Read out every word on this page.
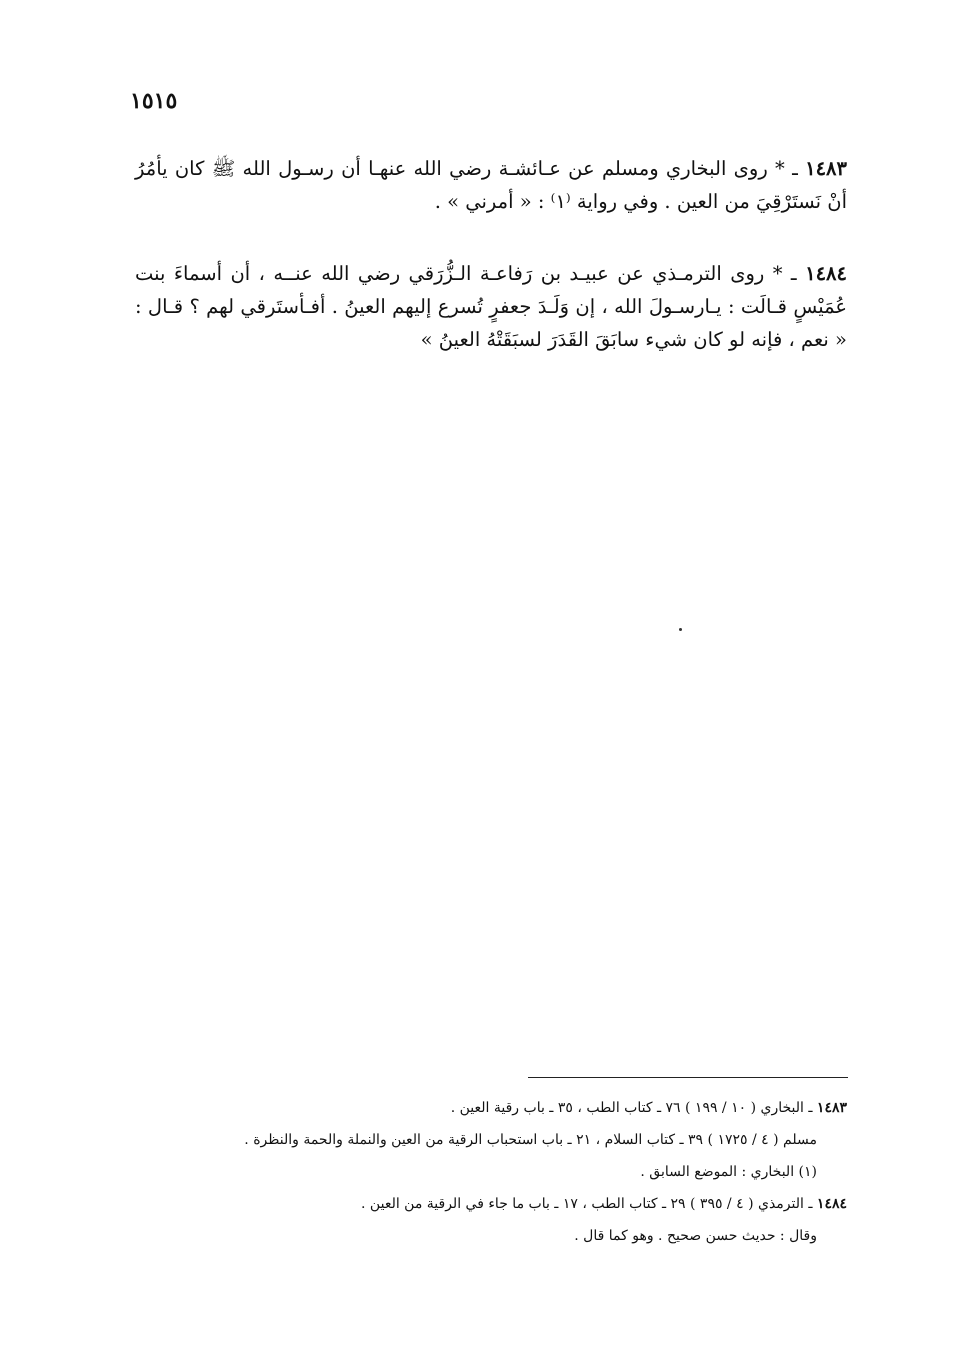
١٥١٥
١٤٨٣ ـ * روى البخاري ومسلم عن عـائشـة رضي الله عنهـا أن رسـول الله ﷺ كان يأمُرُ أنْ نَستَرْقِيَ من العين . وفي رواية ⁽١⁾ : « أمرني » .
١٤٨٤ ـ * روى الترمـذي عن عبيـد بن رَفاعـة الـزُّرَقي رضي الله عنــه ، أن أسماءَ بنت عُمَيْسٍ قـالَت : يـارسـولَ الله ، إن وَلَـدَ جعفرٍ تُسرع إليهم العينُ . أفـأستَرقي لهم ؟ قـال : « نعم ، فإنه لو كان شيء سابَقَ القَدَرَ لسبَقَتْهُ العينُ »
١٤٨٣ ـ البخاري ( ١٠ / ١٩٩ ) ٧٦ ـ كتاب الطب ، ٣٥ ـ باب رقية العين .
مسلم ( ٤ / ١٧٢٥ ) ٣٩ ـ كتاب السلام ، ٢١ ـ باب استحباب الرقية من العين والنملة والحمة والنظرة .
(١) البخاري : الموضع السابق .
١٤٨٤ ـ الترمذي ( ٤ / ٣٩٥ ) ٢٩ ـ كتاب الطب ، ١٧ ـ باب ما جاء في الرقية من العين .
وقال : حديث حسن صحيح . وهو كما قال .
